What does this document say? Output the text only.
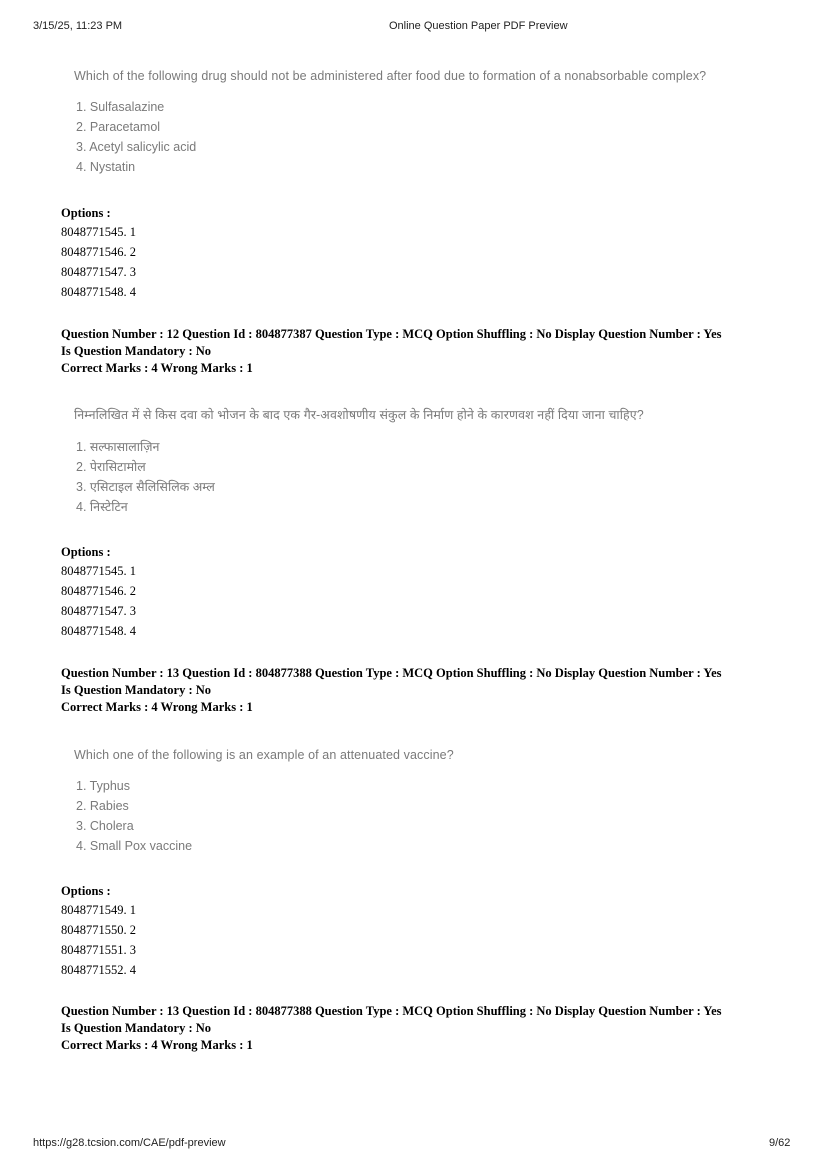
3/15/25, 11:23 PM	Online Question Paper PDF Preview
Which of the following drug should not be administered after food due to formation of a nonabsorbable complex?
1. Sulfasalazine
2. Paracetamol
3. Acetyl salicylic acid
4. Nystatin
Options :
8048771545. 1
8048771546. 2
8048771547. 3
8048771548. 4
Question Number : 12 Question Id : 804877387 Question Type : MCQ Option Shuffling : No Display Question Number : Yes
Is Question Mandatory : No
Correct Marks : 4 Wrong Marks : 1
निम्नलिखित में से किस दवा को भोजन के बाद एक गैर-अवशोषणीय संकुल के निर्माण होने के कारणवश नहीं दिया जाना चाहिए?
1. सल्फासालाज़िन
2. पेरासिटामोल
3. एसिटाइल सैलिसिलिक अम्ल
4. निस्टेटिन
Options :
8048771545. 1
8048771546. 2
8048771547. 3
8048771548. 4
Question Number : 13 Question Id : 804877388 Question Type : MCQ Option Shuffling : No Display Question Number : Yes
Is Question Mandatory : No
Correct Marks : 4 Wrong Marks : 1
Which one of the following is an example of an attenuated vaccine?
1. Typhus
2. Rabies
3. Cholera
4. Small Pox vaccine
Options :
8048771549. 1
8048771550. 2
8048771551. 3
8048771552. 4
Question Number : 13 Question Id : 804877388 Question Type : MCQ Option Shuffling : No Display Question Number : Yes
Is Question Mandatory : No
Correct Marks : 4 Wrong Marks : 1
https://g28.tcsion.com/CAE/pdf-preview	9/62
